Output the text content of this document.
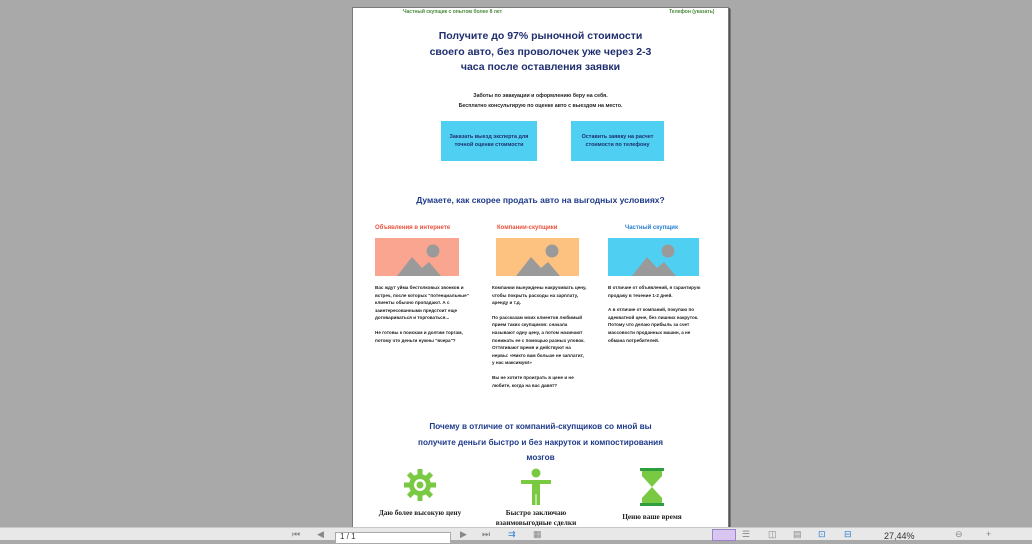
Частный скупщик с опытом более 8 лет	Телефон (указать)
Получите до 97% рыночной стоимости своего авто, без проволочек уже через 2-3 часа после оставления заявки
Заботы по эвакуации и оформлению беру на себя.
Бесплатно консультирую по оценке авто с выездом на место.
Заказать выезд эксперта для точной оценки стоимости
Оставить заявку на расчет стоимости по телефону
Думаете, как скорее продать авто на выгодных условиях?
Объявления в интернете

Вас ждут уйма бестолковых звонков и встреч, после которых "потенциальные" клиенты обычно пропадают. А с заинтересованными предстоит еще договариваться и торговаться...

Не готовы к поискам и долгим торгам, потому что деньги нужны "вчера"?

Компании-скупщики

Компании вынуждены накручивать цену, чтобы покрыть расходы на зарплату, аренду и т.д.

По рассказам моих клиентов любимый прием таких скупщиков: сначала называют одну цену, а потом начинают понижать ее с помощью разных уловок. Оттягивают время и действуют на нервы: «Никто вам больше не заплатит, у нас максимум!»

Вы не хотите проиграть в цене и не любите, когда на вас давят?

Частный скупщик

В отличие от объявлений, я гарантирую продажу в течение 1-2 дней.

А в отличие от компаний, покупаю по адекватной цене, без лишних накруток. Потому что делаю прибыль за счет массовости проданных машин, а не обмана потребителей.

Почему в отличие от компаний-скупщиков со мной вы получите деньги быстро и без накруток и компостирования мозгов
Даю более высокую цену	Быстро заключаю взаимовыгодные сделки
Ценю ваше время
⏮ ◀	▶ ⏭ ⇉ ▦	☰ ◫ ▤ ⊡ ⊟	⊖	+
1 / 1	27,44%
